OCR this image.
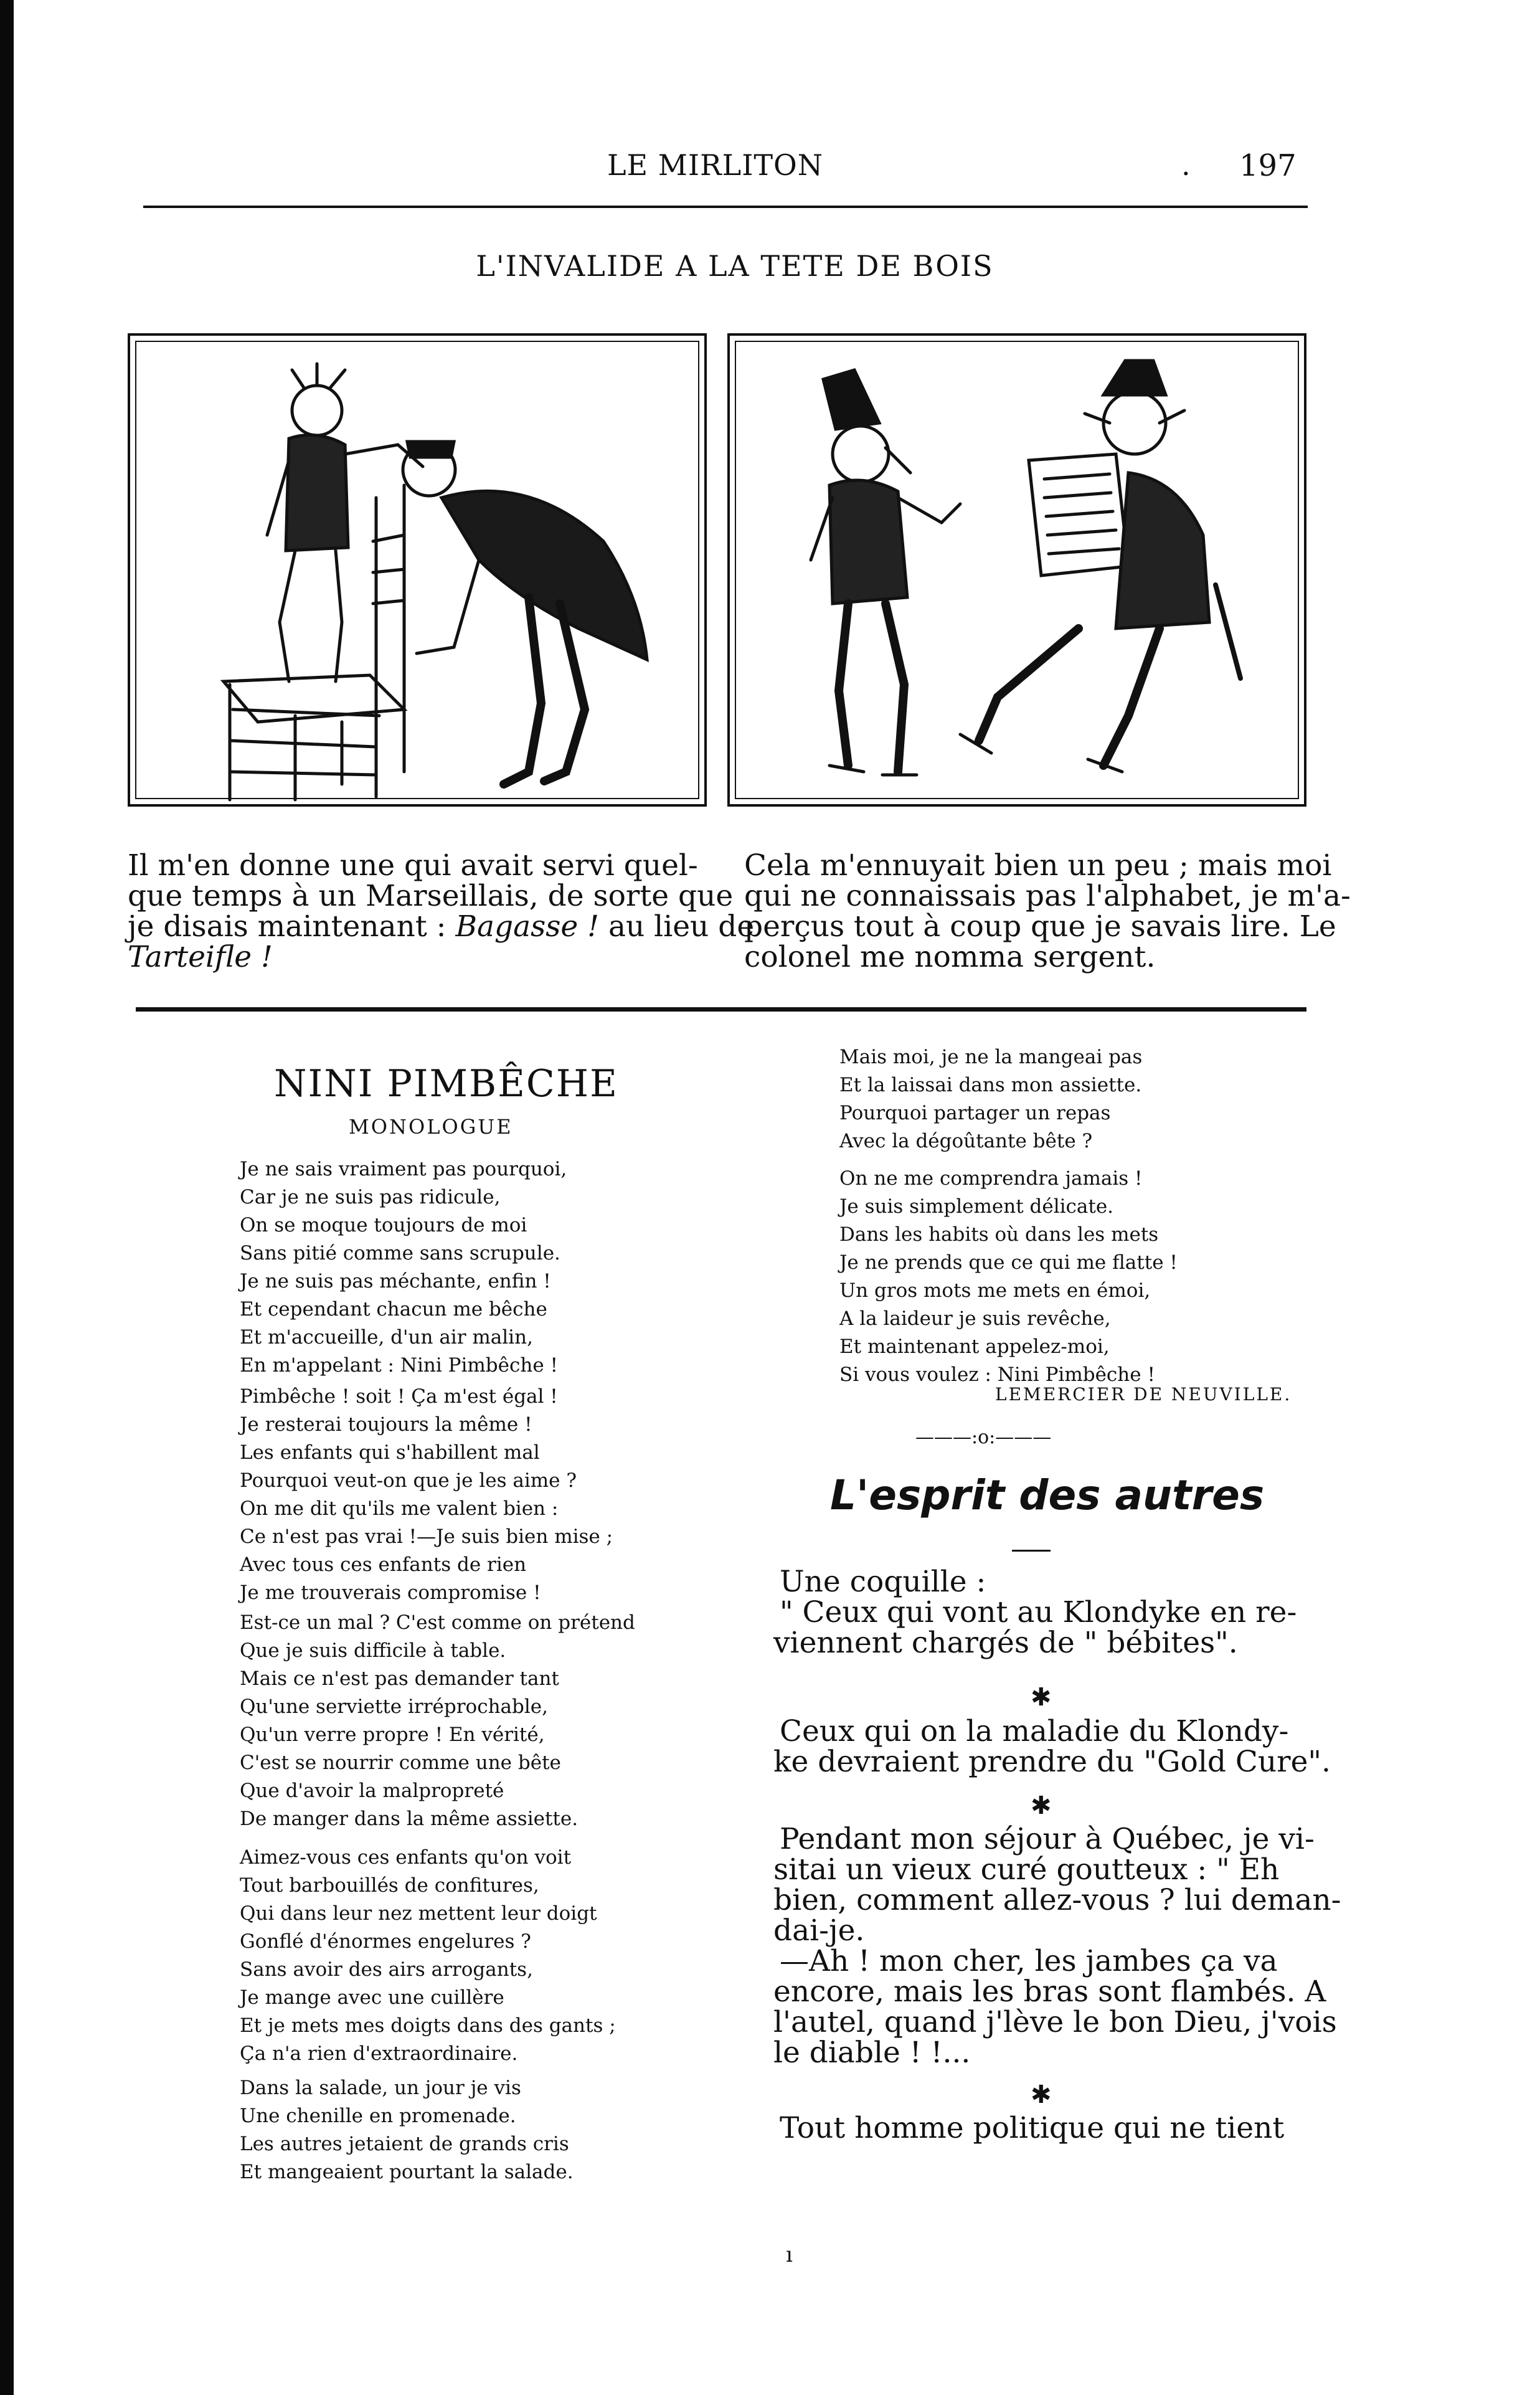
LE MIRLITON	. 197
L'INVALIDE A LA TETE DE BOIS
Il m'en donne une qui avait servi quel-
que temps à un Marseillais, de sorte que
je disais maintenant : Bagasse ! au lieu de
Tarteifle !
Cela m'ennuyait bien un peu ; mais moi
qui ne connaissais pas l'alphabet, je m'a-
perçus tout à coup que je savais lire. Le
colonel me nomma sergent.
NINI PIMBÊCHE
MONOLOGUE
Je ne sais vraiment pas pourquoi,
Car je ne suis pas ridicule,
On se moque toujours de moi
Sans pitié comme sans scrupule.
Je ne suis pas méchante, enfin !
Et cependant chacun me bêche
Et m'accueille, d'un air malin,
En m'appelant : Nini Pimbêche !
Pimbêche ! soit ! Ça m'est égal !
Je resterai toujours la même !
Les enfants qui s'habillent mal
Pourquoi veut-on que je les aime ?
On me dit qu'ils me valent bien :
Ce n'est pas vrai !—Je suis bien mise ;
Avec tous ces enfants de rien
Je me trouverais compromise !
Est-ce un mal ? C'est comme on prétend
Que je suis difficile à table.
Mais ce n'est pas demander tant
Qu'une serviette irréprochable,
Qu'un verre propre ! En vérité,
C'est se nourrir comme une bête
Que d'avoir la malpropreté
De manger dans la même assiette.
Aimez-vous ces enfants qu'on voit
Tout barbouillés de confitures,
Qui dans leur nez mettent leur doigt
Gonflé d'énormes engelures ?
Sans avoir des airs arrogants,
Je mange avec une cuillère
Et je mets mes doigts dans des gants ;
Ça n'a rien d'extraordinaire.
Dans la salade, un jour je vis
Une chenille en promenade.
Les autres jetaient de grands cris
Et mangeaient pourtant la salade.
Mais moi, je ne la mangeai pas
Et la laissai dans mon assiette.
Pourquoi partager un repas
Avec la dégoûtante bête ?
On ne me comprendra jamais !
Je suis simplement délicate.
Dans les habits où dans les mets
Je ne prends que ce qui me flatte !
Un gros mots me mets en émoi,
A la laideur je suis revêche,
Et maintenant appelez-moi,
Si vous voulez : Nini Pimbêche !
LEMERCIER DE NEUVILLE.
———:o:———
L'esprit des autres
Une coquille :
" Ceux qui vont au Klondyke en re-
viennent chargés de " bébites".
✱
Ceux qui on la maladie du Klondy-
ke devraient prendre du "Gold Cure".
✱
Pendant mon séjour à Québec, je vi-
sitai un vieux curé goutteux : " Eh
bien, comment allez-vous ? lui deman-
dai-je.
—Ah ! mon cher, les jambes ça va
encore, mais les bras sont flambés. A
l'autel, quand j'lève le bon Dieu, j'vois
le diable ! !...
✱
Tout homme politique qui ne tient
ı
